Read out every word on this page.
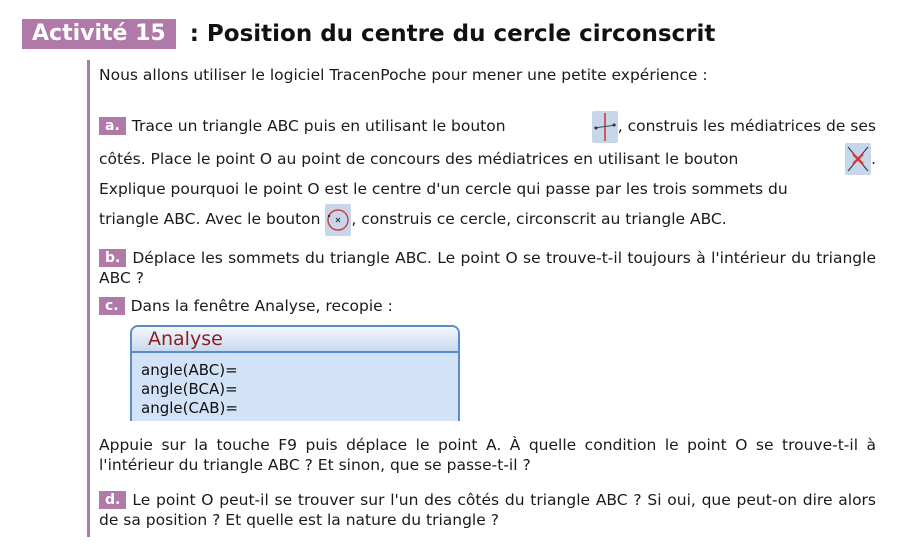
Activité 15	: Position du centre du cercle circonscrit
Nous allons utiliser le logiciel TracenPoche pour mener une petite expérience :
a. Trace un triangle ABC puis en utilisant le bouton	, construis les médiatrices de ses
côtés. Place le point O au point de concours des médiatrices en utilisant le bouton	.
Explique pourquoi le point O est le centre d'un cercle qui passe par les trois sommets du
triangle ABC. Avec le bouton , construis ce cercle, circonscrit au triangle ABC.
b. Déplace les sommets du triangle ABC. Le point O se trouve-t-il toujours à l'intérieur du triangle ABC ?
c. Dans la fenêtre Analyse, recopie :
Analyse
angle(ABC)=
angle(BCA)=
angle(CAB)=
Appuie sur la touche F9 puis déplace le point A. À quelle condition le point O se trouve-t-il à l'intérieur du triangle ABC ? Et sinon, que se passe-t-il ?
d. Le point O peut-il se trouver sur l'un des côtés du triangle ABC ? Si oui, que peut-on dire alors de sa position ? Et quelle est la nature du triangle ?
